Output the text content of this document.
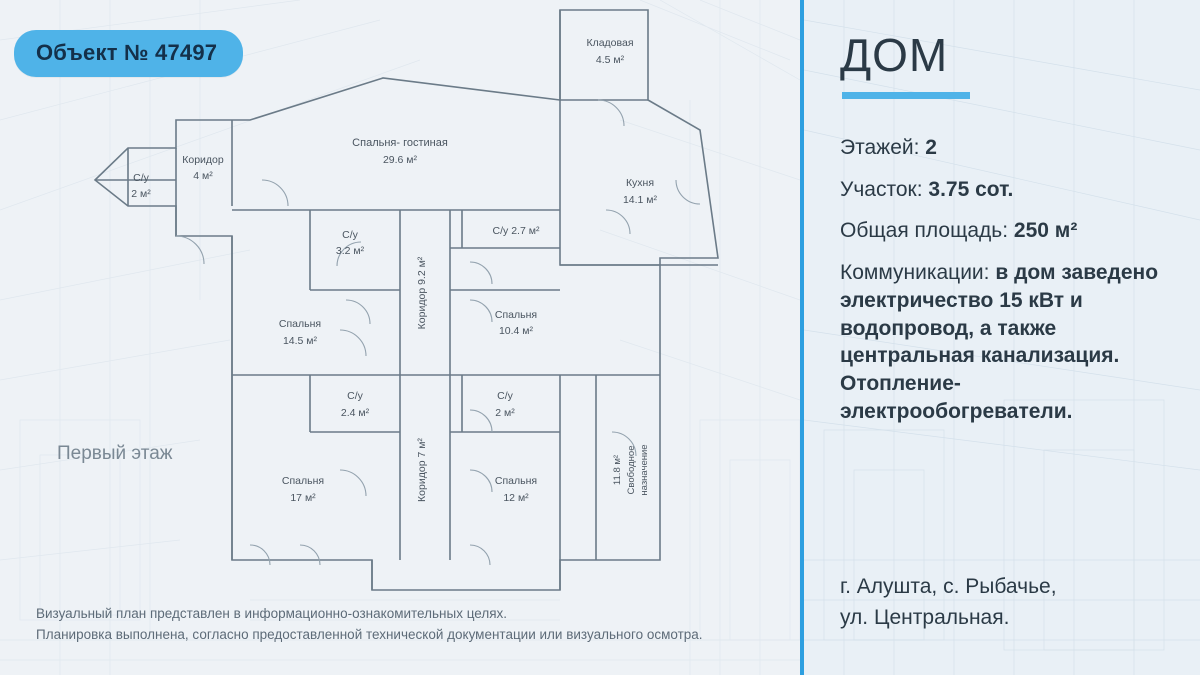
Кладовая
4.5 м²
Спальня- гостиная
29.6 м²
Кухня
14.1 м²
Коридор
4 м²
С/у
2 м²
С/у
3.2 м²
С/у 2.7 м²
Коридор 9.2 м²
Спальня
14.5 м²
Спальня
10.4 м²
С/у
2.4 м²
С/у
2 м²
Коридор 7 м²
Спальня
17 м²
Спальня
12 м²
Свободное назначение
11.8 м²
Объект № 47497
Первый этаж
Визуальный план представлен в информационно-ознакомительных целях.
Планировка выполнена, согласно предоставленной технической документации или визуального осмотра.
ДОМ
Этажей: 2
Участок: 3.75 сот.
Общая площадь: 250 м²
Коммуникации: в дом заведено электричество 15 кВт и водопровод, а также центральная канализация. Отопление- электрообогреватели.
г. Алушта, с. Рыбачье,
ул. Центральная.
